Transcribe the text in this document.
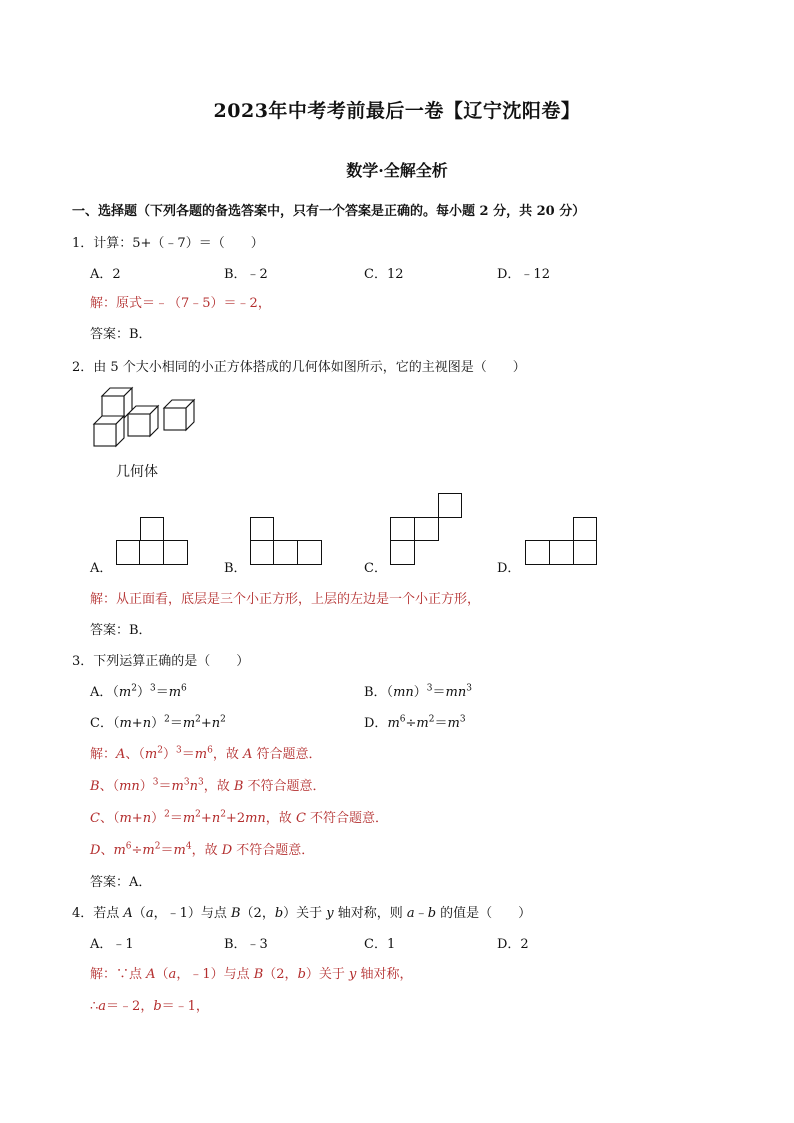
2023年中考考前最后一卷【辽宁沈阳卷】
数学·全解全析
一、选择题（下列各题的备选答案中，只有一个答案是正确的。每小题 2 分，共 20 分）
1．计算：5+（﹣7）＝（　　）
A．2	B．﹣2	C．12	D．﹣12
解：原式＝﹣（7﹣5）＝﹣2，
答案：B．
2．由 5 个大小相同的小正方体搭成的几何体如图所示，它的主视图是（　　）
几何体
A．	B．	C．	D．
解：从正面看，底层是三个小正方形，上层的左边是一个小正方形，
答案：B．
3．下列运算正确的是（　　）
A．$(m^2)^3=m^6$	B．$(mn)^3=mn^3$
C．$(m+n)^2=m^2+n^2$	D．$m^6\div m^2=m^3$
解：A、$(m^2)^3=m^6$，故 A 符合题意．
B、$(mn)^3=m^3n^3$，故 B 不符合题意．
C、$(m+n)^2=m^2+n^2+2mn$，故 C 不符合题意．
D、$m^6\div m^2=m^4$，故 D 不符合题意．
答案：A．
4．若点 A（a，﹣1）与点 B（2，b）关于 y 轴对称，则 a﹣b 的值是（　　）
A．﹣1	B．﹣3	C．1	D．2
解：∵点 A（a，﹣1）与点 B（2，b）关于 y 轴对称，
∴a＝﹣2，b＝﹣1，
